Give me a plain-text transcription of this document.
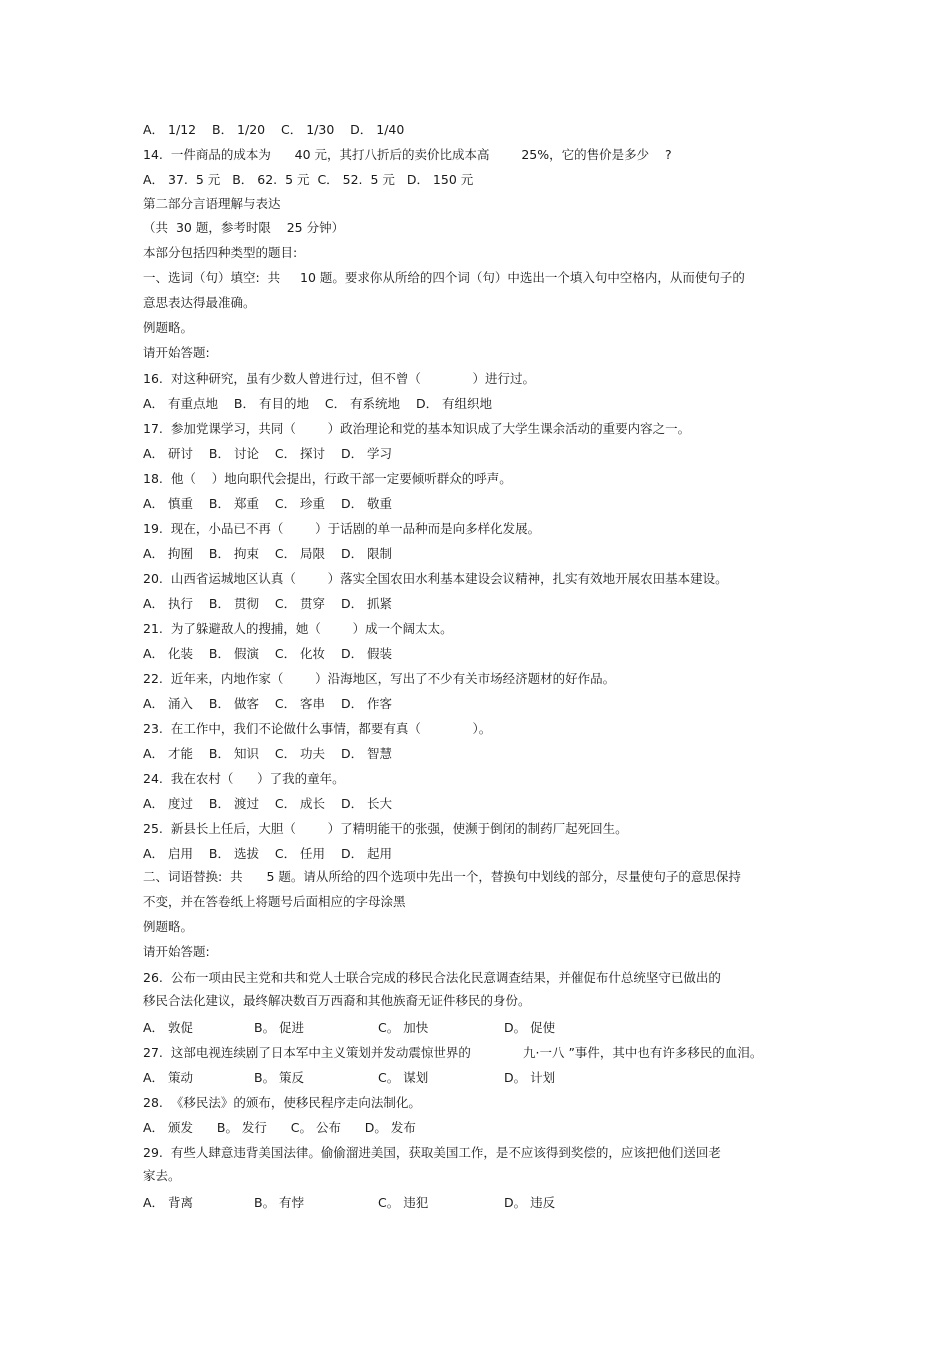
A． 1/12    B． 1/20    C． 1/30    D． 1/40
14.  一件商品的成本为      40 元，其打八折后的卖价比成本高        25%，它的售价是多少    ?
A． 37.  5 元   B． 62.  5 元  C． 52.  5 元   D． 150 元
第二部分言语理解与表达
（共  30 题，参考时限    25 分钟）
本部分包括四种类型的题目:
一、选词（句）填空:  共     10 题。要求你从所给的四个词（句）中选出一个填入句中空格内，从而使句子的
意思表达得最准确。
例题略。
请开始答题:
16.  对这种研究，虽有少数人曾进行过，但不曾（             ）进行过。
A． 有重点地    B． 有目的地    C． 有系统地    D． 有组织地
17.  参加党课学习，共同（        ）政治理论和党的基本知识成了大学生课余活动的重要内容之一。
A． 研讨    B． 讨论    C． 探讨    D． 学习
18.  他（    ）地向职代会提出，行政干部一定要倾听群众的呼声。
A． 慎重    B． 郑重    C． 珍重    D． 敬重
19.  现在，小品已不再（        ）于话剧的单一品种而是向多样化发展。
A． 拘囿    B． 拘束    C． 局限    D． 限制
20.  山西省运城地区认真（        ）落实全国农田水利基本建设会议精神，扎实有效地开展农田基本建设。
A． 执行    B． 贯彻    C． 贯穿    D． 抓紧
21.  为了躲避敌人的搜捕，她（        ）成一个阔太太。
A． 化装    B． 假演    C． 化妆    D． 假装
22.  近年来，内地作家（        ）沿海地区，写出了不少有关市场经济题材的好作品。
A． 涌入    B． 做客    C． 客串    D． 作客
23.  在工作中，我们不论做什么事情，都要有真（             ）。
A． 才能    B． 知识    C． 功夫    D． 智慧
24.  我在农村（      ）了我的童年。
A． 度过    B． 渡过    C． 成长    D． 长大
25.  新县长上任后，大胆（        ）了精明能干的张强，使濒于倒闭的制药厂起死回生。
A． 启用    B． 选拔    C． 任用    D． 起用
二、词语替换:  共      5 题。请从所给的四个选项中先出一个，替换句中划线的部分，尽量使句子的意思保持
不变，并在答卷纸上将题号后面相应的字母涂黑
例题略。
请开始答题:
26.  公布一项由民主党和共和党人士联合完成的移民合法化民意调查结果，并催促布什总统坚守已做出的
移民合法化建议，最终解决数百万西裔和其他族裔无证件移民的身份。
A． 敦促	B。 促进	C。 加快	D。 促使
27.  这部电视连续剧了日本军中主义策划并发动震惊世界的	九·一八 ”事件，其中也有许多移民的血泪。
A． 策动	B。 策反	C。 谋划	D。 计划
28.  《移民法》的颁布，使移民程序走向法制化。
A． 颁发      B。 发行      C。 公布      D。 发布
29.  有些人肆意违背美国法律。偷偷溜进美国，获取美国工作，是不应该得到奖偿的，应该把他们送回老
家去。
A． 背离	B。 有悖	C。 违犯	D。 违反
